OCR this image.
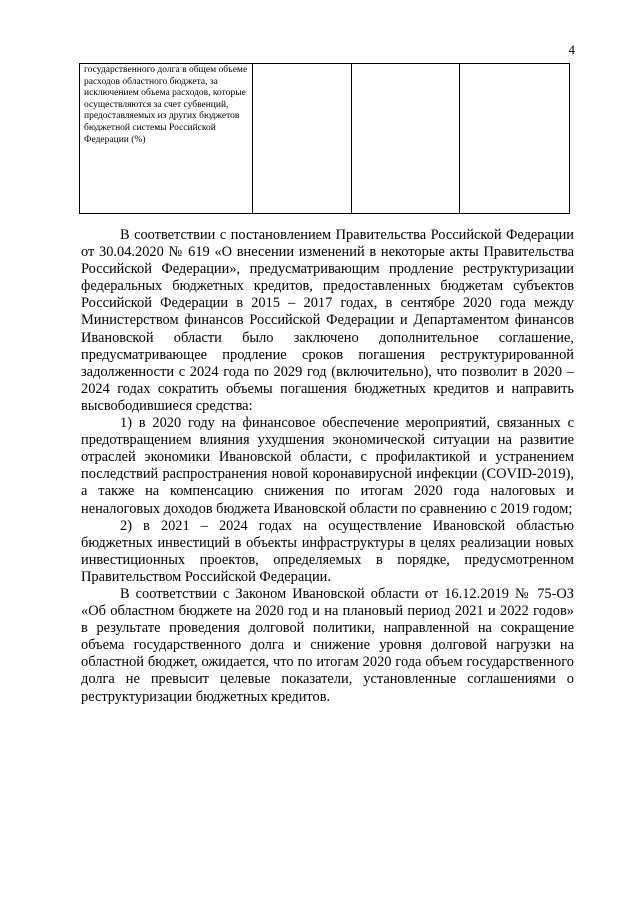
4
государственного долга в общем объеме расходов областного бюджета, за исключением объема расходов, которые осуществляются за счет субвенций, предоставляемых из других бюджетов бюджетной системы Российской Федерации (%)			

В соответствии с постановлением Правительства Российской Федерации от 30.04.2020 № 619 «О внесении изменений в некоторые акты Правительства Российской Федерации», предусматривающим продление реструктуризации федеральных бюджетных кредитов, предоставленных бюджетам субъектов Российской Федерации в 2015 – 2017 годах, в сентябре 2020 года между Министерством финансов Российской Федерации и Департаментом финансов Ивановской области было заключено дополнительное соглашение, предусматривающее продление сроков погашения реструктурированной задолженности с 2024 года по 2029 год (включительно), что позволит в 2020 – 2024 годах сократить объемы погашения бюджетных кредитов и направить высвободившиеся средства:

1) в 2020 году на финансовое обеспечение мероприятий, связанных с предотвращением влияния ухудшения экономической ситуации на развитие отраслей экономики Ивановской области, с профилактикой и устранением последствий распространения новой коронавирусной инфекции (COVID-2019), а также на компенсацию снижения по итогам 2020 года налоговых и неналоговых доходов бюджета Ивановской области по сравнению с 2019 годом;

2) в 2021 – 2024 годах на осуществление Ивановской областью бюджетных инвестиций в объекты инфраструктуры в целях реализации новых инвестиционных проектов, определяемых в порядке, предусмотренном Правительством Российской Федерации.

В соответствии с Законом Ивановской области от 16.12.2019 № 75-ОЗ «Об областном бюджете на 2020 год и на плановый период 2021 и 2022 годов» в результате проведения долговой политики, направленной на сокращение объема государственного долга и снижение уровня долговой нагрузки на областной бюджет, ожидается, что по итогам 2020 года объем государственного долга не превысит целевые показатели, установленные соглашениями о реструктуризации бюджетных кредитов.
